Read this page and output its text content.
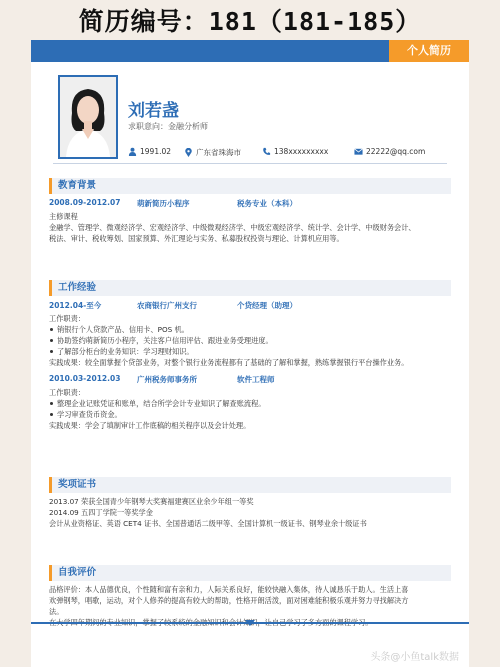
简历编号：181（181-185）
个人简历
刘若盏
求职意向：金融分析师
1991.02	广东省珠海市	138xxxxxxxxx	22222@qq.com
教育背景
2008.09-2012.07	萌新简历小程序	税务专业（本科）
主修课程
金融学、管理学、微观经济学、宏观经济学、中级微观经济学、中级宏观经济学、统计学、会计学、中级财务会计、
税法、审计、税收筹划、国家预算、外汇理论与实务、私募股权投资与理论、计算机应用等。
工作经验
2012.04-至今	农商银行广州支行	个贷经理（助理）
工作职责：
销银行个人贷款产品、信用卡、POS 机。
协助签约萌新简历小程序，关注客户信用评估、跟进业务受理进度。
了解部分柜台的业务知识：学习理财知识。
实践成果：较全面掌握个贷部业务，对整个银行业务流程都有了基础的了解和掌握，熟练掌握银行平台操作业务。
2010.03-2012.03	广州税务师事务所	软件工程师
工作职责：
整理企业记账凭证和账单，结合所学会计专业知识了解查账流程。
学习审查货币资金。
实践成果：学会了填制审计工作底稿的相关程序以及会计处理。
奖项证书
2013.07 荣获全国青少年钢琴大奖赛福建赛区业余少年组一等奖
2014.09 五四丁学院一等奖学金
会计从业资格证、英语 CET4 证书、全国普通话二级甲等、全国计算机一级证书、钢琴业余十级证书
自我评价
品格评价：本人品德优良，个性随和富有亲和力，人际关系良好，能较快融入集体，待人诚恳乐于助人。生活上喜
欢弹钢琴，唱歌，运动，对个人修养的提高有较大的帮助，性格开朗活泼，面对困难能积极乐观并努力寻找解决方
法。
头条@小鱼talk数据
